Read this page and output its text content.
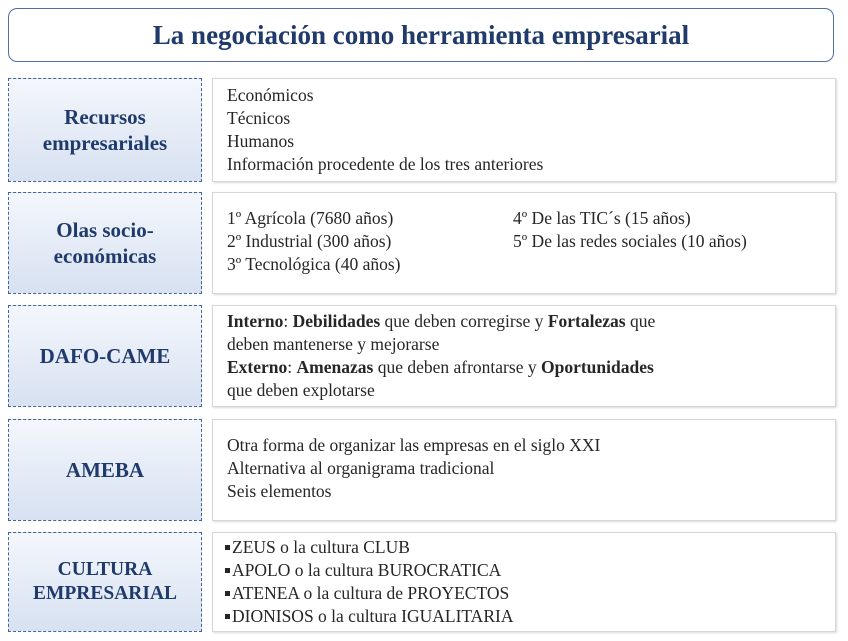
La negociación como herramienta empresarial
Recursos
empresariales
Económicos
Técnicos
Humanos
Información procedente de los tres anteriores
Olas socio-
económicas
1º Agrícola (7680 años)
2º Industrial (300 años)
3º Tecnológica (40 años)
4º De las TIC´s (15 años)
5º De las redes sociales (10 años)
DAFO-CAME
Interno: Debilidades que deben corregirse y Fortalezas que
deben mantenerse y mejorarse
Externo: Amenazas que deben afrontarse y Oportunidades
que deben explotarse
AMEBA
Otra forma de organizar las empresas en el siglo XXI
Alternativa al organigrama tradicional
Seis elementos
CULTURA
EMPRESARIAL
ZEUS o la cultura CLUB
APOLO o la cultura BUROCRATICA
ATENEA o la cultura de PROYECTOS
DIONISOS o la cultura IGUALITARIA
